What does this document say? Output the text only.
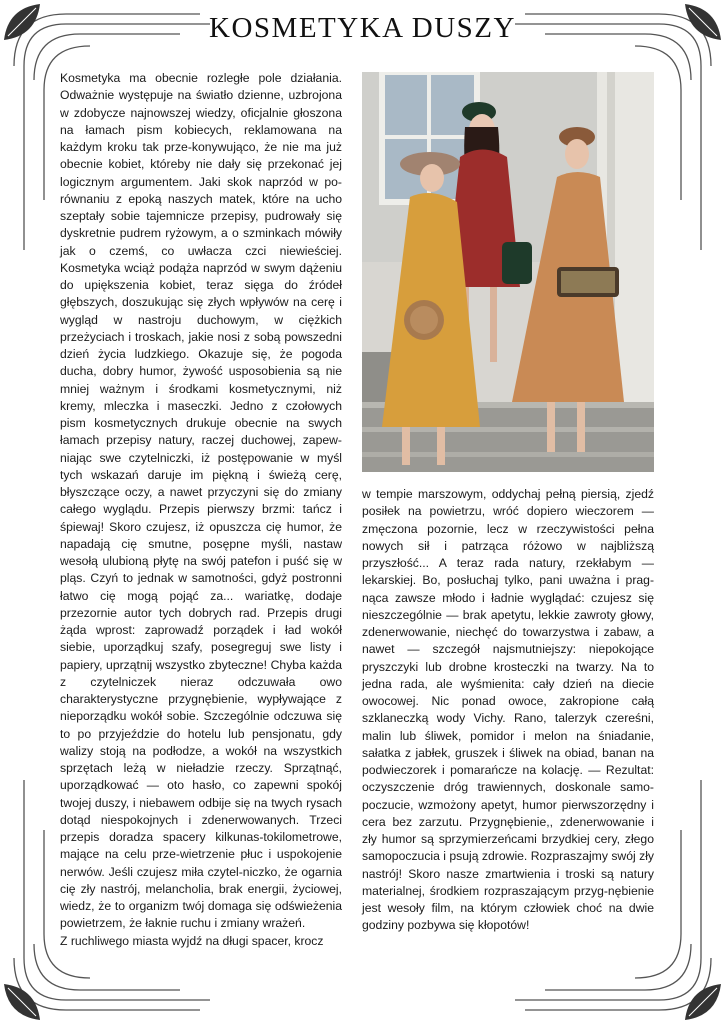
KOSMETYKA DUSZY

Kosmetyka ma obecnie rozległe pole działania. Odważnie występuje na światło dzienne, uzbrojona w zdobycze najnowszej wiedzy, oficjalnie głoszona na łamach pism kobiecych, reklamowana na każdym kroku tak prze-konywująco, że nie ma już obecnie kobiet, któreby nie dały się przekonać jej logicznym argumentem. Jaki skok naprzód w po-równaniu z epoką naszych matek, które na ucho szeptały sobie tajemnicze przepisy, pudrowały się dyskretnie pudrem ryżowym, a o szminkach mówiły jak o czemś, co uwłacza czci niewieściej. Kosmetyka wciąż podąża naprzód w swym dążeniu do upiększenia kobiet, teraz sięga do źródeł głębszych, doszukując się złych wpływów na cerę i wygląd w nastroju duchowym, w ciężkich przeżyciach i troskach, jakie nosi z sobą powszedni dzień życia ludzkiego. Okazuje się, że pogoda ducha, dobry humor, żywość usposobienia są nie mniej ważnym i środkami kosmetycznymi, niż kremy, mleczka i maseczki. Jedno z czołowych pism kosmetycznych drukuje obecnie na swych łamach przepisy natury, raczej duchowej, zapew-niając swe czytelniczki, iż postępowanie w myśl tych wskazań daruje im piękną i świeżą cerę, błyszczące oczy, a nawet przyczyni się do zmiany całego wyglądu. Przepis pierwszy brzmi: tańcz i śpiewaj! Skoro czujesz, iż opuszcza cię humor, że napadają cię smutne, posępne myśli, nastaw wesołą ulubioną płytę na swój patefon i puść się w pląs. Czyń to jednak w samotności, gdyż postronni łatwo cię mogą pojąć za... wariatkę, dodaje przezornie autor tych dobrych rad. Przepis drugi żąda wprost: zaprowadź porządek i ład wokół siebie, uporządkuj szafy, posegreguj swe listy i papiery, uprzątnij wszystko zbyteczne! Chyba każda z czytelniczek nieraz odczuwała owo charakterystyczne przygnębienie, wypływające z nieporządku wokół sobie. Szczególnie odczuwa się to po przyjeździe do hotelu lub pensjonatu, gdy walizy stoją na podłodze, a wokół na wszystkich sprzętach leżą w nieładzie rzeczy. Sprzątnąć, uporządkować — oto hasło, co zapewni spokój twojej duszy, i niebawem odbije się na twych rysach dotąd niespokojnych i zdenerwowanych. Trzeci przepis doradza spacery kilkunas-tokilometrowe, mające na celu prze-wietrzenie płuc i uspokojenie nerwów. Jeśli czujesz miła czytel-niczko, że ogarnia cię zły nastrój, melancholia, brak energii, życiowej, wiedz, że to organizm twój domaga się odświeżenia powietrzem, że łaknie ruchu i zmiany wrażeń.

Z ruchliwego miasta wyjdź na długi spacer, krocz

w tempie marszowym, oddychaj pełną piersią, zjedź posiłek na powietrzu, wróć dopiero wieczorem — zmęczona pozornie, lecz w rzeczywistości pełna nowych sił i patrząca różowo w najbliższą przyszłość... A teraz rada natury, rzekłabym — lekarskiej. Bo, posłuchaj tylko, pani uważna i prag-nąca zawsze młodo i ładnie wyglądać: czujesz się nieszczególnie — brak apetytu, lekkie zawroty głowy, zdenerwowanie, niechęć do towarzystwa i zabaw, a nawet — szczegół najsmutniejszy: niepokojące pryszczyki lub drobne krosteczki na twarzy. Na to jedna rada, ale wyśmienita: cały dzień na diecie owocowej. Nic ponad owoce, zakropione całą szklaneczką wody Vichy. Rano, talerzyk czereśni, malin lub śliwek, pomidor i melon na śniadanie, sałatka z jabłek, gruszek i śliwek na obiad, banan na podwieczorek i pomarańcze na kolację. — Rezultat: oczyszczenie dróg trawiennych, doskonale samo-poczucie, wzmożony apetyt, humor pierwszorzędny i cera bez zarzutu. Przygnębienie,, zdenerwowanie i zły humor są sprzymierzeńcami brzydkiej cery, złego samopoczucia i psują zdrowie. Rozpraszajmy swój zły nastrój! Skoro nasze zmartwienia i troski są natury materialnej, środkiem rozpraszającym przyg-nębienie jest wesoły film, na którym człowiek choć na dwie godziny pozbywa się kłopotów!
